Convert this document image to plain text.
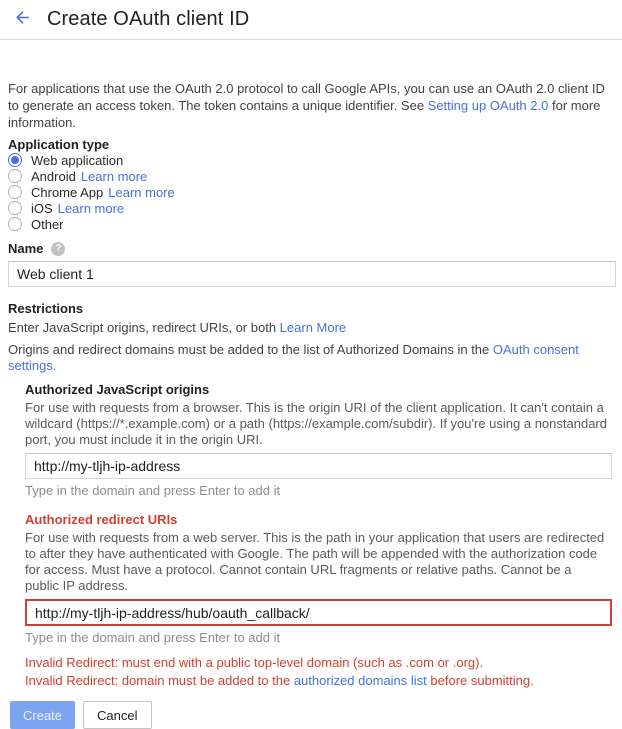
Create OAuth client ID

For applications that use the OAuth 2.0 protocol to call Google APIs, you can use an OAuth 2.0 client ID to generate an access token. The token contains a unique identifier. See Setting up OAuth 2.0 for more information.

Application type
Web application
Android Learn more
Chrome App Learn more
iOS Learn more
Other
Name	?
Web client 1
Restrictions
Enter JavaScript origins, redirect URIs, or both Learn More
Origins and redirect domains must be added to the list of Authorized Domains in the OAuth consent settings.
Authorized JavaScript origins

For use with requests from a browser. This is the origin URI of the client application. It can't contain a wildcard (https://*.example.com) or a path (https://example.com/subdir). If you're using a nonstandard port, you must include it in the origin URI.

http://my-tljh-ip-address
Type in the domain and press Enter to add it
Authorized redirect URIs

For use with requests from a web server. This is the path in your application that users are redirected to after they have authenticated with Google. The path will be appended with the authorization code for access. Must have a protocol. Cannot contain URL fragments or relative paths. Cannot be a public IP address.

http://my-tljh-ip-address/hub/oauth_callback/
Type in the domain and press Enter to add it
Invalid Redirect: must end with a public top-level domain (such as .com or .org).
Invalid Redirect: domain must be added to the authorized domains list before submitting.
Create	Cancel
